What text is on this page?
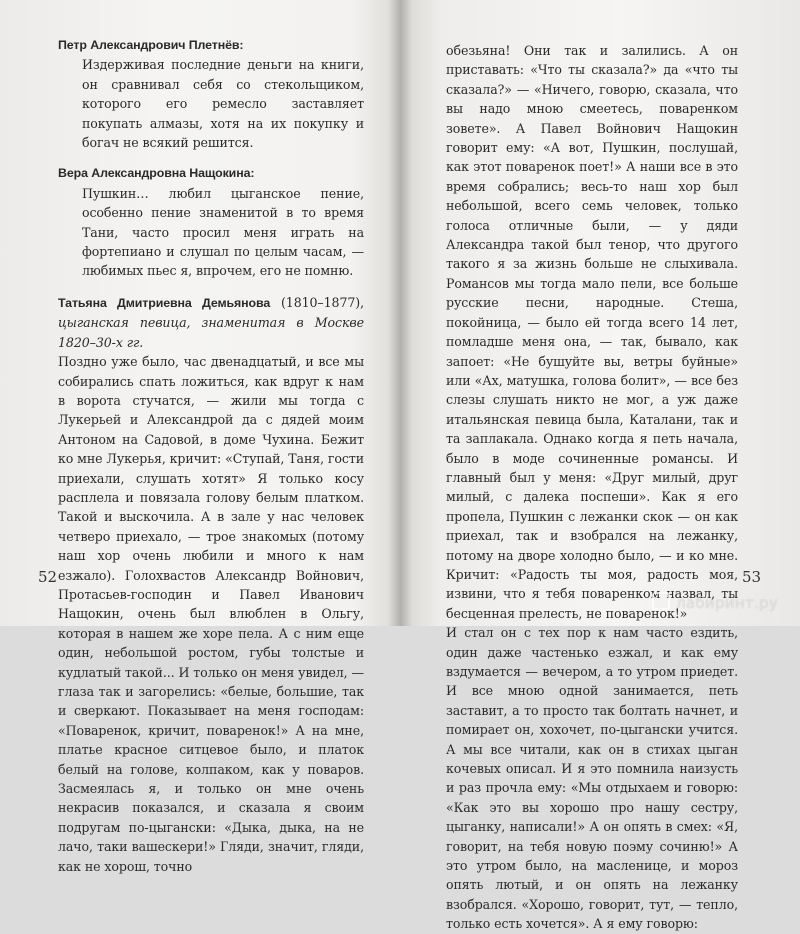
Петр Александрович Плетнёв:
Издерживая последние деньги на книги, он сравнивал себя со стекольщиком, которого его ремесло заставляет покупать алмазы, хотя на их покупку и богач не всякий решится.
Вера Александровна Нащокина:
Пушкин… любил цыганское пение, особенно пение знаменитой в то время Тани, часто просил меня играть на фортепиано и слушал по целым часам, — любимых пьес я, впрочем, его не помню.

Татьяна Дмитриевна Демьянова (1810–1877), цыганская певица, знаменитая в Москве 1820–30-х гг.

Поздно уже было, час двенадцатый, и все мы собирались спать ложиться, как вдруг к нам в ворота стучатся, — жили мы тогда с Лукерьей и Александрой да с дядей моим Антоном на Садовой, в доме Чухина. Бежит ко мне Лукерья, кричит: «Ступай, Таня, гости приехали, слушать хотят» Я только косу расплела и повязала голову белым платком. Такой и выскочила. А в зале у нас человек четверо приехало, — трое знакомых (потому наш хор очень любили и много к нам езжало). Голохвастов Александр Войнович, Протасьев-господин и Павел Иванович Нащокин, очень был влюблен в Ольгу, которая в нашем же хоре пела. А с ним еще один, небольшой ростом, губы толстые и кудлатый такой... И только он меня увидел, — глаза так и загорелись: «белые, большие, так и сверкают. Показывает на меня господам: «Поваренок, кричит, поваренок!» А на мне, платье красное ситцевое было, и платок белый на голове, колпаком, как у поваров. Засмеялась я, и только он мне очень некрасив показался, и сказала я своим подругам по-цыгански: «Дыка, дыка, на не лачо, таки вашескери!» Гляди, значит, гляди, как не хорош, точно

52	53

обезьяна! Они так и залились. А он приставать: «Что ты сказала?» да «что ты сказала?» — «Ничего, говорю, сказала, что вы надо мною смеетесь, поваренком зовете». А Павел Войнович Нащокин говорит ему: «А вот, Пушкин, послушай, как этот поваренок поет!» А наши все в это время собрались; весь-то наш хор был небольшой, всего семь человек, только голоса отличные были, — у дяди Александра такой был тенор, что другого такого я за жизнь больше не слыхивала. Романсов мы тогда мало пели, все больше русские песни, народные. Стеша, покойница, — было ей тогда всего 14 лет, помладше меня она, — так, бывало, как запоет: «Не бушуйте вы, ветры буйные» или «Ах, матушка, голова болит», — все без слезы слушать никто не мог, а уж даже итальянская певица была, Каталани, так и та заплакала. Однако когда я петь начала, было в моде сочиненные романсы. И главный был у меня: «Друг милый, друг милый, с далека поспеши». Как я его пропела, Пушкин с лежанки скок — он как приехал, так и взобрался на лежанку, потому на дворе холодно было, — и ко мне. Кричит: «Радость ты моя, радость моя, извини, что я тебя поваренком назвал, ты бесценная прелесть, не поваренок!»

И стал он с тех пор к нам часто ездить, один даже частенько езжал, и как ему вздумается — вечером, а то утром приедет. И все мною одной занимается, петь заставит, а то просто так болтать начнет, и помирает он, хохочет, по-цыгански учится. А мы все читали, как он в стихах цыган кочевых описал. И я это помнила наизусть и раз прочла ему: «Мы отдыхаем и говорю: «Как это вы хорошо про нашу сестру, цыганку, написали!» А он опять в смех: «Я, говорит, на тебя новую поэму сочиню!» А это утром было, на масленице, и мороз опять лютый, и он опять на лежанку взобрался. «Хорошо, говорит, тут, — тепло, только есть хочется». А я ему говорю:

лабиринт.ру
